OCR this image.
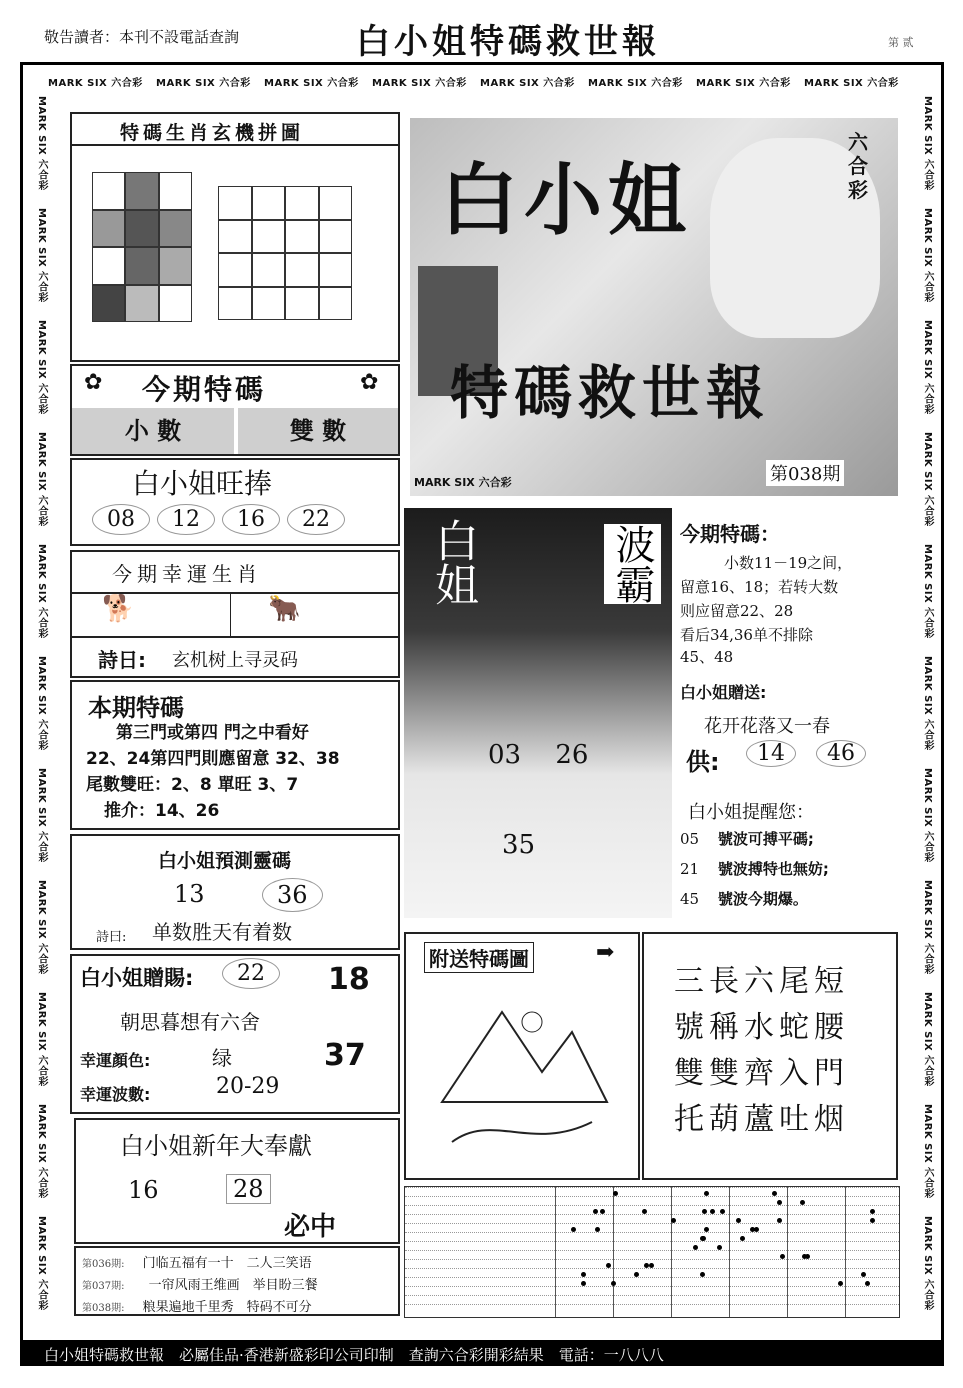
敬告讀者：本刊不設電話查詢	白小姐特碼救世報	第 贰
MARK SIX 六合彩 MARK SIX 六合彩 MARK SIX 六合彩 MARK SIX 六合彩 MARK SIX 六合彩 MARK SIX 六合彩 MARK SIX 六合彩 MARK SIX 六合彩
MARK SIX 六合彩
MARK SIX 六合彩
MARK SIX 六合彩
MARK SIX 六合彩
MARK SIX 六合彩
MARK SIX 六合彩
MARK SIX 六合彩
MARK SIX 六合彩
MARK SIX 六合彩
MARK SIX 六合彩
MARK SIX 六合彩
MARK SIX 六合彩
MARK SIX 六合彩
MARK SIX 六合彩
MARK SIX 六合彩
MARK SIX 六合彩
MARK SIX 六合彩
MARK SIX 六合彩
MARK SIX 六合彩
MARK SIX 六合彩
MARK SIX 六合彩
MARK SIX 六合彩
特碼生肖玄機拼圖
✿ 今期特碼	✿
小 數	雙 數
白小姐旺捧
08 12 16 22
今期幸運生肖
🐕	🐂
詩日: 玄机树上寻灵码
本期特碼
第三門或第四 門之中看好
22、24第四門則應留意 32、38
尾數雙旺：2、8 單旺 3、7
推介：14、26
白小姐預測靈碼
13	36
詩曰: 单数胜天有着数
白小姐贈賜:	22	18
朝思暮想有六舍
幸運顏色:	绿	37
幸運波數:	20-29
白小姐新年大奉獻
16	28
必中
第036期: 门临五福有一十　二人三笑语
第037期: 一帘风雨王维画　举目盼三餐
第038期: 粮果遍地千里秀　特码不可分
白小姐
特碼救世報
六合彩
MARK SIX 六合彩	第038期
白姐	波霸
03 26
35
今期特碼：
小数11－19之间，
留意16、18；若转大数
则应留意22、28
看后34,36单不排除
45、48
白小姐贈送:
花开花落又一春
供:	14	46
白小姐提醒您：
05 號波可搏平碼;
21 號波搏特也無妨;
45 號波今期爆。
附送特碼圖	➡
三長六尾短
號稱水蛇腰
雙雙齊入門
托葫蘆吐烟
白小姐特碼救世報　必屬佳品·香港新盛彩印公司印制　查詢六合彩開彩結果　電話：一八八八
